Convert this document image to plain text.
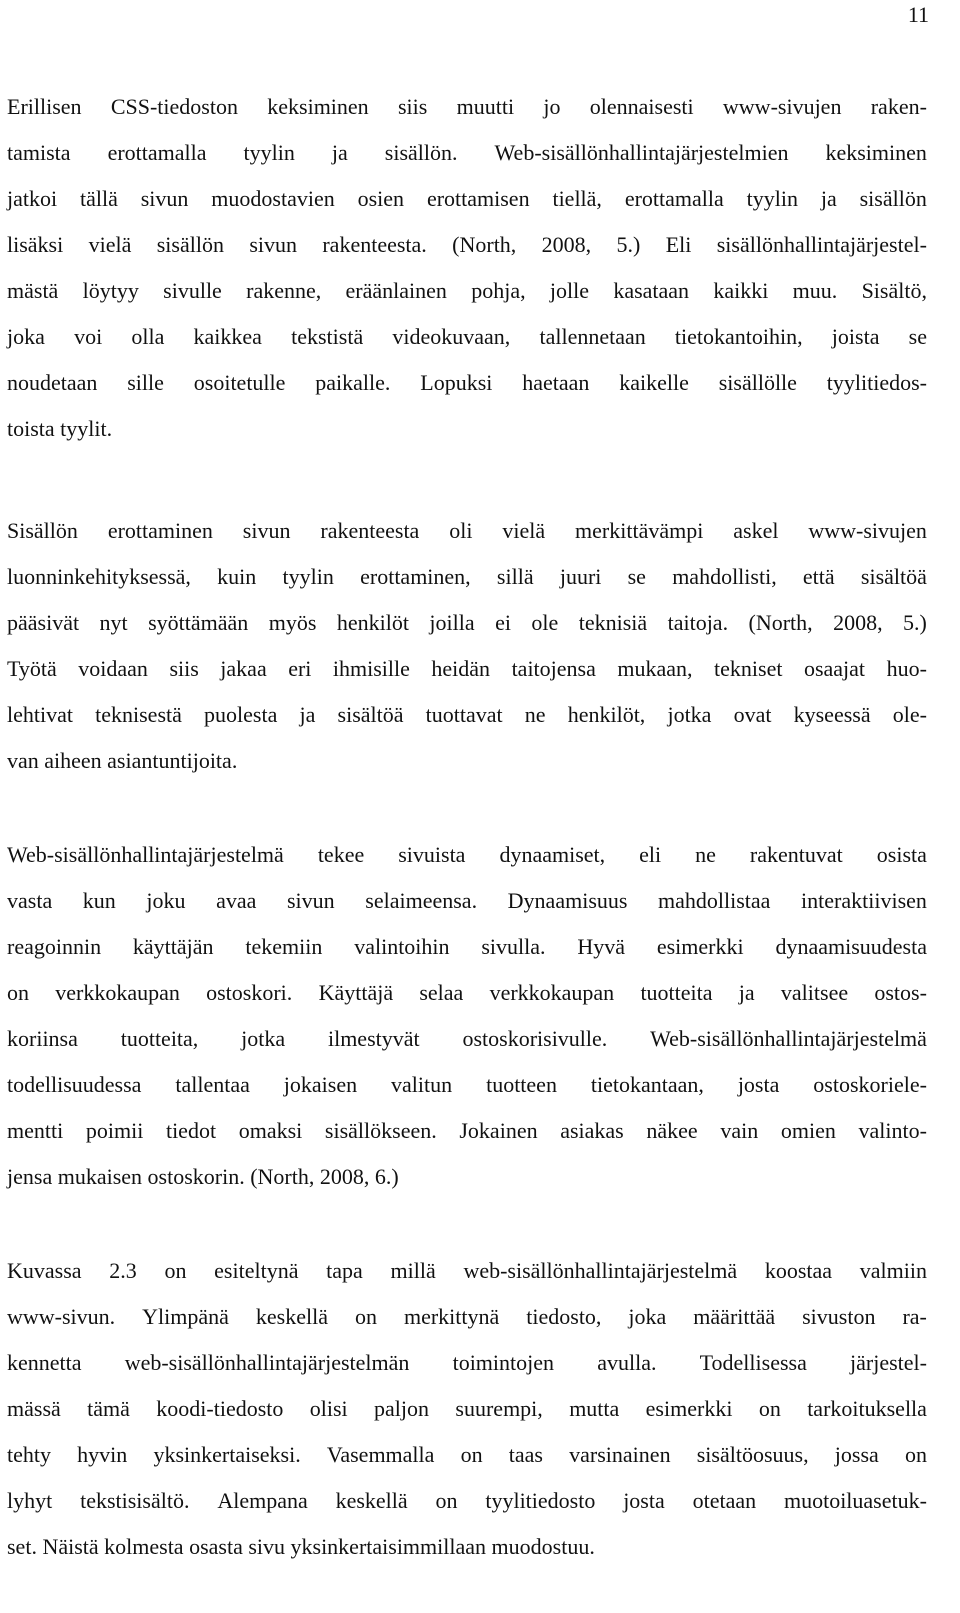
11
Erillisen CSS-tiedoston keksiminen siis muutti jo olennaisesti www-sivujen raken-
tamista erottamalla tyylin ja sisällön. Web-sisällönhallintajärjestelmien keksiminen
jatkoi tällä sivun muodostavien osien erottamisen tiellä, erottamalla tyylin ja sisällön
lisäksi vielä sisällön sivun rakenteesta. (North, 2008, 5.) Eli sisällönhallintajärjestel-
mästä löytyy sivulle rakenne, eräänlainen pohja, jolle kasataan kaikki muu. Sisältö,
joka voi olla kaikkea tekstistä videokuvaan, tallennetaan tietokantoihin, joista se
noudetaan sille osoitetulle paikalle. Lopuksi haetaan kaikelle sisällölle tyylitiedos-
toista tyylit.
Sisällön erottaminen sivun rakenteesta oli vielä merkittävämpi askel www-sivujen
luonninkehityksessä, kuin tyylin erottaminen, sillä juuri se mahdollisti, että sisältöä
pääsivät nyt syöttämään myös henkilöt joilla ei ole teknisiä taitoja. (North, 2008, 5.)
Työtä voidaan siis jakaa eri ihmisille heidän taitojensa mukaan, tekniset osaajat huo-
lehtivat teknisestä puolesta ja sisältöä tuottavat ne henkilöt, jotka ovat kyseessä ole-
van aiheen asiantuntijoita.
Web-sisällönhallintajärjestelmä tekee sivuista dynaamiset, eli ne rakentuvat osista
vasta kun joku avaa sivun selaimeensa. Dynaamisuus mahdollistaa interaktiivisen
reagoinnin käyttäjän tekemiin valintoihin sivulla. Hyvä esimerkki dynaamisuudesta
on verkkokaupan ostoskori. Käyttäjä selaa verkkokaupan tuotteita ja valitsee ostos-
koriinsa tuotteita, jotka ilmestyvät ostoskorisivulle. Web-sisällönhallintajärjestelmä
todellisuudessa tallentaa jokaisen valitun tuotteen tietokantaan, josta ostoskoriele-
mentti poimii tiedot omaksi sisällökseen. Jokainen asiakas näkee vain omien valinto-
jensa mukaisen ostoskorin. (North, 2008, 6.)
Kuvassa 2.3 on esiteltynä tapa millä web-sisällönhallintajärjestelmä koostaa valmiin
www-sivun. Ylimpänä keskellä on merkittynä tiedosto, joka määrittää sivuston ra-
kennetta web-sisällönhallintajärjestelmän toimintojen avulla. Todellisessa järjestel-
mässä tämä koodi-tiedosto olisi paljon suurempi, mutta esimerkki on tarkoituksella
tehty hyvin yksinkertaiseksi. Vasemmalla on taas varsinainen sisältöosuus, jossa on
lyhyt tekstisisältö. Alempana keskellä on tyylitiedosto josta otetaan muotoiluasetuk-
set. Näistä kolmesta osasta sivu yksinkertaisimmillaan muodostuu.
